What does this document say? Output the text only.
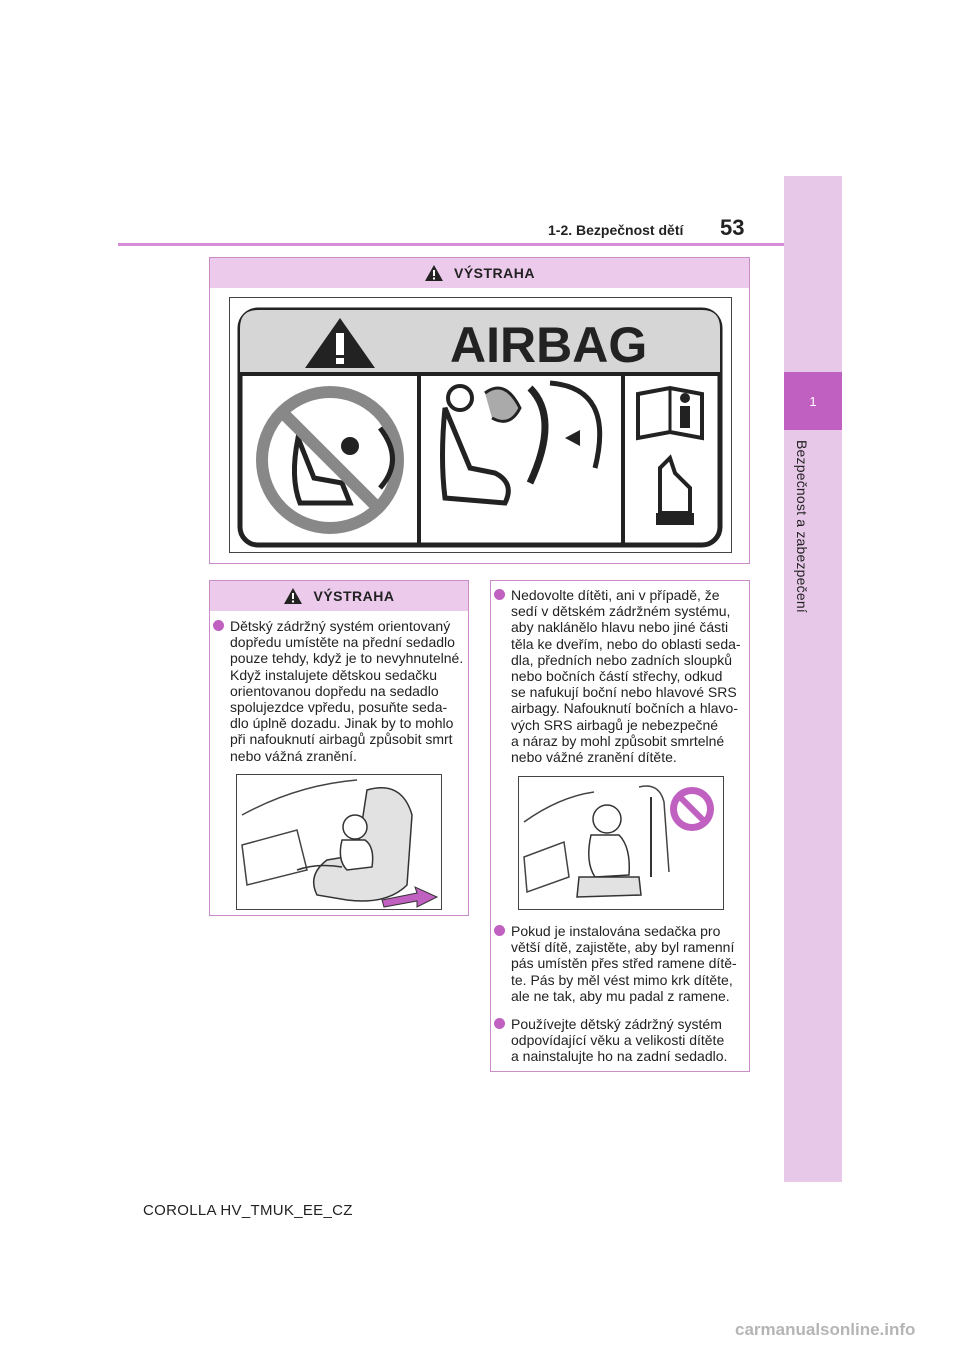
1
Bezpečnost a zabezpečení
1-2. Bezpečnost dětí 53
VÝSTRAHA
AIRBAG
VÝSTRAHA
Dětský zádržný systém orientovaný
dopředu umístěte na přední sedadlo
pouze tehdy, když je to nevyhnutelné.
Když instalujete dětskou sedačku
orientovanou dopředu na sedadlo
spolujezdce vpředu, posuňte seda-
dlo úplně dozadu. Jinak by to mohlo
při nafouknutí airbagů způsobit smrt
nebo vážná zranění.
Nedovolte dítěti, ani v případě, že
sedí v dětském zádržném systému,
aby naklánělo hlavu nebo jiné části
těla ke dveřím, nebo do oblasti seda-
dla, předních nebo zadních sloupků
nebo bočních částí střechy, odkud
se nafukují boční nebo hlavové SRS
airbagy. Nafouknutí bočních a hlavo-
vých SRS airbagů je nebezpečné
a náraz by mohl způsobit smrtelné
nebo vážné zranění dítěte.
Pokud je instalována sedačka pro
větší dítě, zajistěte, aby byl ramenní
pás umístěn přes střed ramene dítě-
te. Pás by měl vést mimo krk dítěte,
ale ne tak, aby mu padal z ramene.
Používejte dětský zádržný systém
odpovídající věku a velikosti dítěte
a nainstalujte ho na zadní sedadlo.
COROLLA HV_TMUK_EE_CZ
carmanualsonline.info
